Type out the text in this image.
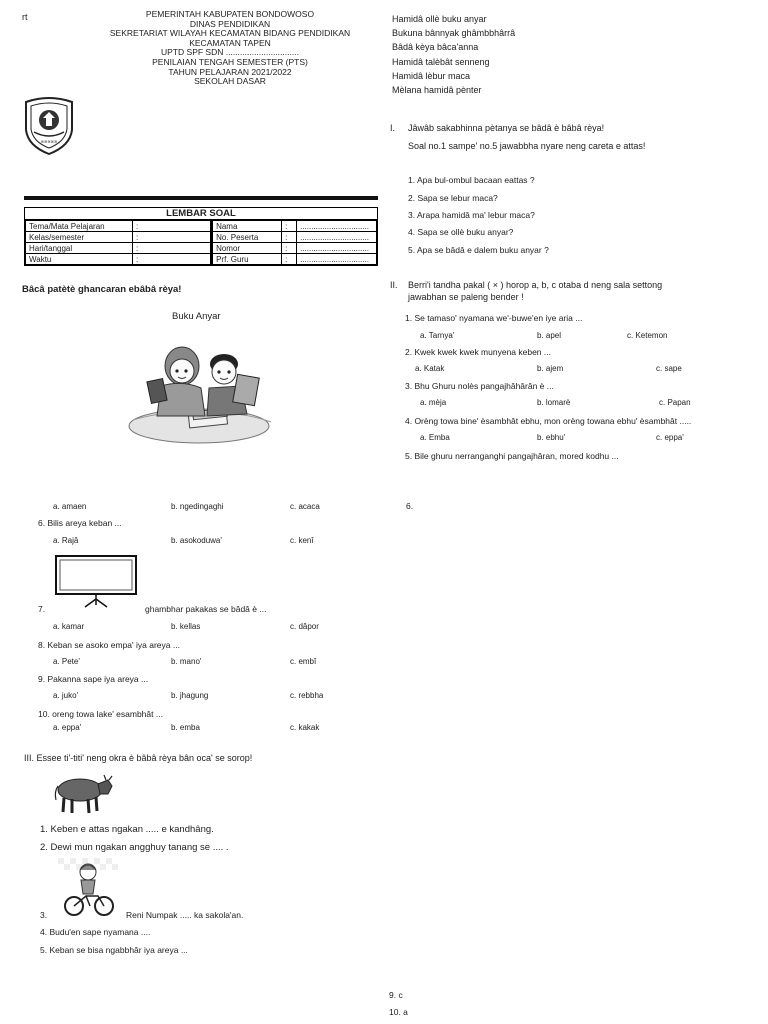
rt
≋≋≋≋≋
PEMERINTAH KABUPATEN BONDOWOSO
DINAS PENDIDIKAN
SEKRETARIAT WILAYAH KECAMATAN BIDANG PENDIDIKAN
KECAMATAN TAPEN
UPTD SPF SDN ...............................
PENILAIAN TENGAH SEMESTER (PTS)
TAHUN PELAJARAN 2021/2022
SEKOLAH DASAR
Hamidâ ollè buku anyar
Bukuna bânnyak ghâmbbhârrâ
Bâdâ kèya bâca'anna
Hamidâ talèbât senneng
Hamidâ lèbur maca
Mèlana hamidâ pènter
LEMBAR SOAL

Tema/Mata Pelajaran	:
Kelas/semester	:
Hari/tanggal	:
Waktu	:

Nama	:	...............................
No. Peserta	:	...............................
Nomor	:	...............................
Prf. Guru	:	...............................
Bâcâ patètè ghancaran ebâbâ rèya!
Buku Anyar
I. Jâwâb sakabhinna pètanya se bâdâ è bâbâ rèya!
Soal no.1 sampe' no.5 jawabbha nyare neng careta e attas!
1. Apa bul-ombul bacaan eattas ?
2. Sapa se lebur maca?
3. Arapa hamidâ ma' lebur maca?
4. Sapa se ollè buku anyar?
5. Apa se bâdâ e dalem buku anyar ?
II. Berri'i tandha pakal ( × ) horop a, b, c otaba d neng sala settong
jawabhan se paleng bender !
1. Se tamaso' nyamana we'-buwe'en iye aria ...
a. Tarnya'	b. apel	c. Ketemon
2. Kwek kwek kwek munyena keben ...
a. Katak	b. ajem	c. sape
3. Bhu Ghuru nolès pangajhâhârân è ...
a. mèja	b. lomarè	c. Papan
4. Orèng towa bine' èsambhât ebhu, mon orèng towana ebhu' èsambhât .....
a. Emba	b. ebhu'	c. eppa'
5. Bile ghuru nerranganghi pangajhâran, mored kodhu ...
a. amaen	b. ngedingaghi	c. acaca	6.
6. Bilis areya keban ...
a. Rajâ	b. asokoduwa'	c. kenî
7.	ghambhar pakakas se bâdâ è ...
a. kamar	b. kellas	c. dâpor
8. Keban se asoko empa' iya areya ...
a. Pete'	b. mano'	c. embî
9. Pakanna sape iya areya ...
a. juko'	b. jhagung	c. rebbha
10. oreng towa lake' esambhât ...
a. eppa'	b. emba	c. kakak
III. Essee ti'-titi' neng okra è bâbâ rèya bân oca' se sorop!
1. Keben e attas ngakan ..... e kandhâng.
2. Dewi mun ngakan angghuy tanang se .... .
3.	Reni Numpak ..... ka sakola'an.
4. Budu'en sape nyamana ....
5. Keban se bisa ngabbhâr iya areya ...
9. c
10. a
